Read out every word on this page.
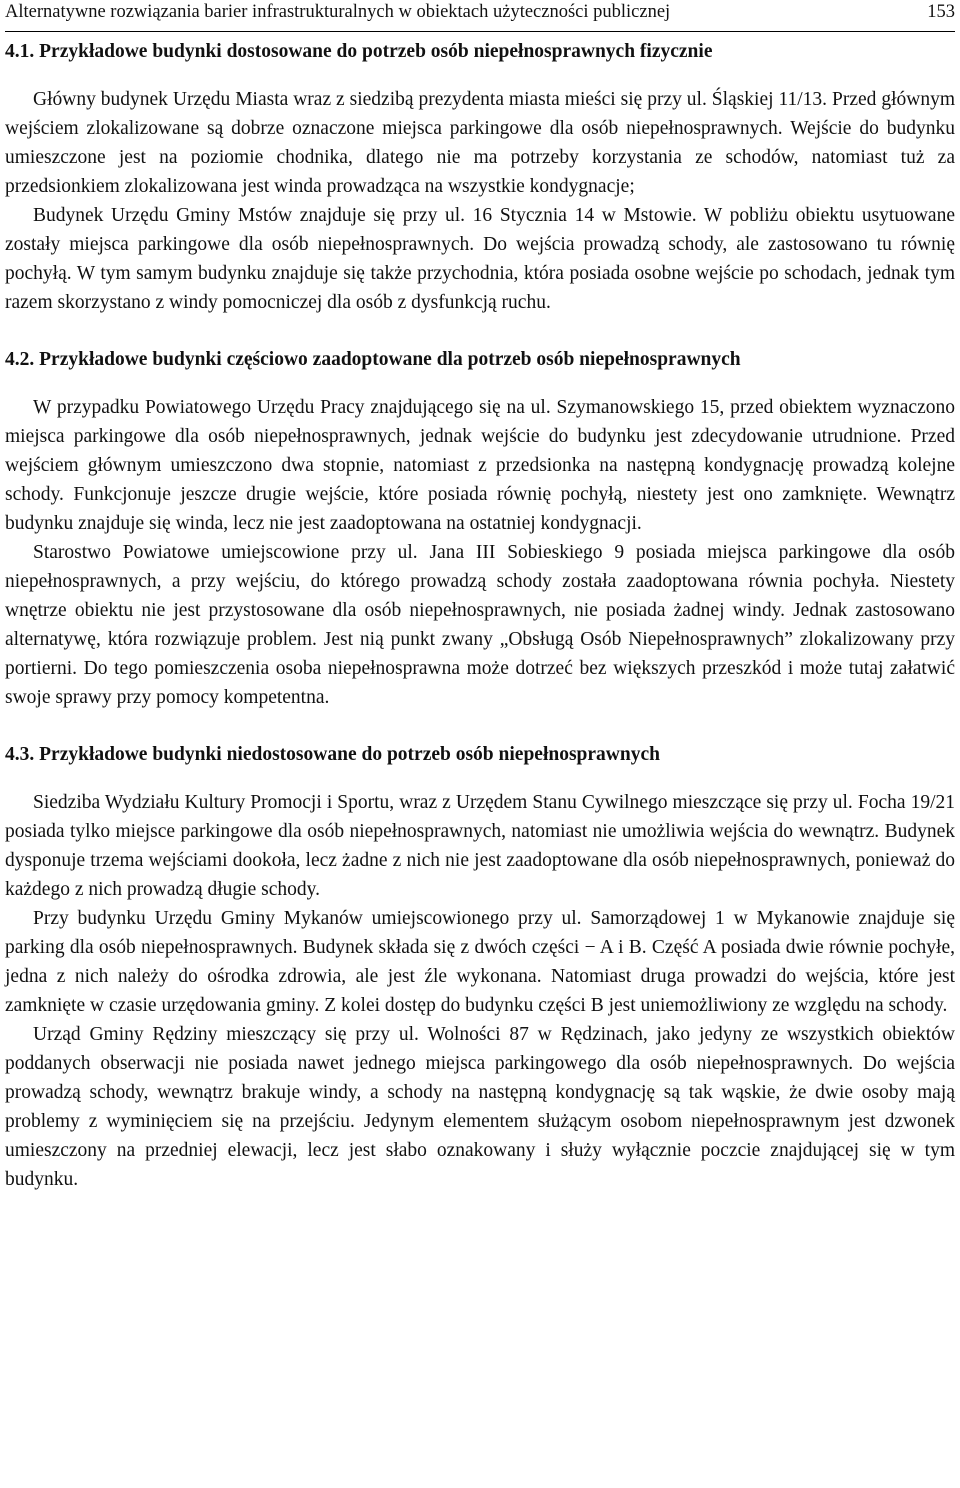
Alternatywne rozwiązania barier infrastrukturalnych w obiektach użyteczności publicznej	153
4.1. Przykładowe budynki dostosowane do potrzeb osób niepełnosprawnych fizycznie

Główny budynek Urzędu Miasta wraz z siedzibą prezydenta miasta mieści się przy ul. Śląskiej 11/13. Przed głównym wejściem zlokalizowane są dobrze oznaczone miejsca parkingowe dla osób niepełnosprawnych. Wejście do budynku umieszczone jest na poziomie chodnika, dlatego nie ma potrzeby korzystania ze schodów, natomiast tuż za przedsionkiem zlokalizowana jest winda prowadząca na wszystkie kondygnacje;

Budynek Urzędu Gminy Mstów znajduje się przy ul. 16 Stycznia 14 w Mstowie. W pobliżu obiektu usytuowane zostały miejsca parkingowe dla osób niepełnosprawnych. Do wejścia prowadzą schody, ale zastosowano tu równię pochyłą. W tym samym budynku znajduje się także przychodnia, która posiada osobne wejście po schodach, jednak tym razem skorzystano z windy pomocniczej dla osób z dysfunkcją ruchu.

4.2. Przykładowe budynki częściowo zaadoptowane dla potrzeb osób niepełnosprawnych

W przypadku Powiatowego Urzędu Pracy znajdującego się na ul. Szymanowskiego 15, przed obiektem wyznaczono miejsca parkingowe dla osób niepełnosprawnych, jednak wejście do budynku jest zdecydowanie utrudnione. Przed wejściem głównym umieszczono dwa stopnie, natomiast z przedsionka na następną kondygnację prowadzą kolejne schody. Funkcjonuje jeszcze drugie wejście, które posiada równię pochyłą, niestety jest ono zamknięte. Wewnątrz budynku znajduje się winda, lecz nie jest zaadoptowana na ostatniej kondygnacji.

Starostwo Powiatowe umiejscowione przy ul. Jana III Sobieskiego 9 posiada miejsca parkingowe dla osób niepełnosprawnych, a przy wejściu, do którego prowadzą schody została zaadoptowana równia pochyła. Niestety wnętrze obiektu nie jest przystosowane dla osób niepełnosprawnych, nie posiada żadnej windy. Jednak zastosowano alternatywę, która rozwiązuje problem. Jest nią punkt zwany „Obsługą Osób Niepełnosprawnych” zlokalizowany przy portierni. Do tego pomieszczenia osoba niepełnosprawna może dotrzeć bez większych przeszkód i może tutaj załatwić swoje sprawy przy pomocy kompetentna.

4.3. Przykładowe budynki niedostosowane do potrzeb osób niepełnosprawnych

Siedziba Wydziału Kultury Promocji i Sportu, wraz z Urzędem Stanu Cywilnego mieszczące się przy ul. Focha 19/21 posiada tylko miejsce parkingowe dla osób niepełnosprawnych, natomiast nie umożliwia wejścia do wewnątrz. Budynek dysponuje trzema wejściami dookoła, lecz żadne z nich nie jest zaadoptowane dla osób niepełnosprawnych, ponieważ do każdego z nich prowadzą długie schody.

Przy budynku Urzędu Gminy Mykanów umiejscowionego przy ul. Samorządowej 1 w Mykanowie znajduje się parking dla osób niepełnosprawnych. Budynek składa się z dwóch części − A i B. Część A posiada dwie równie pochyłe, jedna z nich należy do ośrodka zdrowia, ale jest źle wykonana. Natomiast druga prowadzi do wejścia, które jest zamknięte w czasie urzędowania gminy. Z kolei dostęp do budynku części B jest uniemożliwiony ze względu na schody.

Urząd Gminy Rędziny mieszczący się przy ul. Wolności 87 w Rędzinach, jako jedyny ze wszystkich obiektów poddanych obserwacji nie posiada nawet jednego miejsca parkingowego dla osób niepełnosprawnych. Do wejścia prowadzą schody, wewnątrz brakuje windy, a schody na następną kondygnację są tak wąskie, że dwie osoby mają problemy z wyminięciem się na przejściu. Jedynym elementem służącym osobom niepełnosprawnym jest dzwonek umieszczony na przedniej elewacji, lecz jest słabo oznakowany i służy wyłącznie poczcie znajdującej się w tym budynku.
